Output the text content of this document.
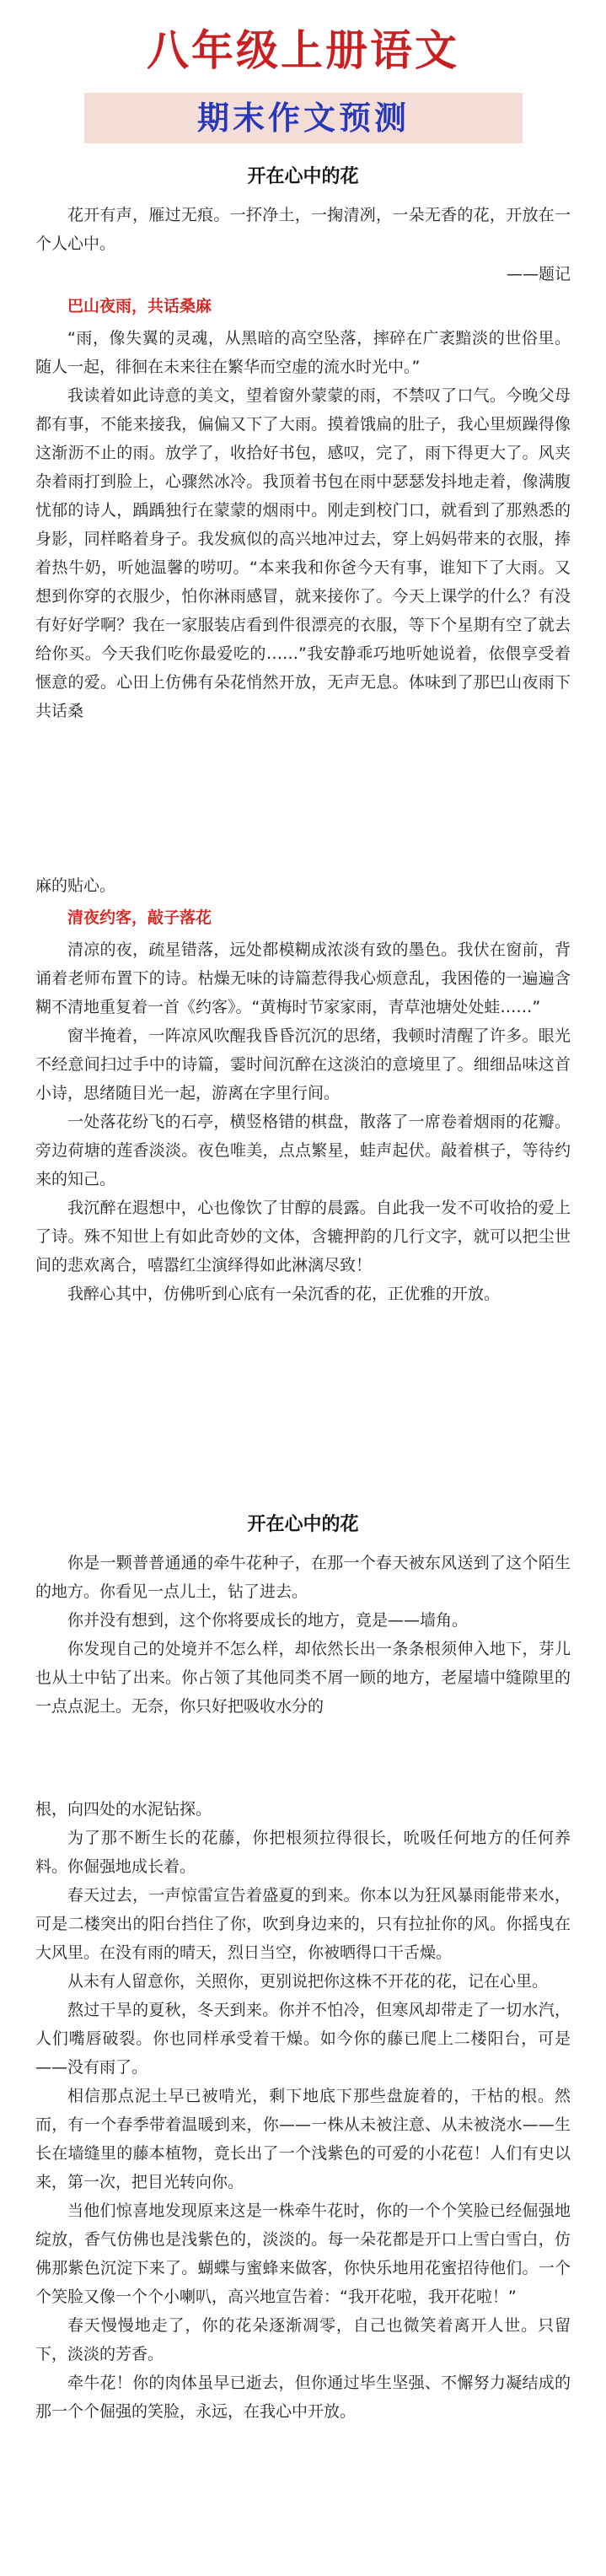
八年级上册语文
期末作文预测
开在心中的花

花开有声，雁过无痕。一抔净土，一掬清冽，一朵无香的花，开放在一个人心中。

——题记
巴山夜雨，共话桑麻

“雨，像失翼的灵魂，从黑暗的高空坠落，摔碎在广袤黯淡的世俗里。随人一起，徘徊在未来往在繁华而空虚的流水时光中。”

我读着如此诗意的美文，望着窗外蒙蒙的雨，不禁叹了口气。今晚父母都有事，不能来接我，偏偏又下了大雨。摸着饿扁的肚子，我心里烦躁得像这渐沥不止的雨。放学了，收拾好书包，感叹，完了，雨下得更大了。风夹杂着雨打到脸上，心骤然冰冷。我顶着书包在雨中瑟瑟发抖地走着，像满腹忧郁的诗人，踽踽独行在蒙蒙的烟雨中。刚走到校门口，就看到了那熟悉的身影，同样略着身子。我发疯似的高兴地冲过去，穿上妈妈带来的衣服，捧着热牛奶，听她温馨的唠叨。“本来我和你爸今天有事，谁知下了大雨。又想到你穿的衣服少，怕你淋雨感冒，就来接你了。今天上课学的什么？有没有好好学啊？我在一家服装店看到件很漂亮的衣服，等下个星期有空了就去给你买。今天我们吃你最爱吃的……”我安静乖巧地听她说着，依偎享受着惬意的爱。心田上仿佛有朵花悄然开放，无声无息。体味到了那巴山夜雨下共话桑

麻的贴心。

清夜约客，敲子落花

清凉的夜，疏星错落，远处都模糊成浓淡有致的墨色。我伏在窗前，背诵着老师布置下的诗。枯燥无味的诗篇惹得我心烦意乱，我困倦的一遍遍含糊不清地重复着一首《约客》。“黄梅时节家家雨，青草池塘处处蛙……”

窗半掩着，一阵凉风吹醒我昏昏沉沉的思绪，我顿时清醒了许多。眼光不经意间扫过手中的诗篇，霎时间沉醉在这淡泊的意境里了。细细品味这首小诗，思绪随目光一起，游离在字里行间。

一处落花纷飞的石亭，横竖格错的棋盘，散落了一席卷着烟雨的花瓣。旁边荷塘的莲香淡淡。夜色唯美，点点繁星，蛙声起伏。敲着棋子，等待约来的知己。

我沉醉在遐想中，心也像饮了甘醇的晨露。自此我一发不可收拾的爱上了诗。殊不知世上有如此奇妙的文体，含辘押韵的几行文字，就可以把尘世间的悲欢离合，嘻嚣红尘演绎得如此淋漓尽致！

我醉心其中，仿佛听到心底有一朵沉香的花，正优雅的开放。

开在心中的花

你是一颗普普通通的牵牛花种子，在那一个春天被东风送到了这个陌生的地方。你看见一点儿土，钻了进去。

你并没有想到，这个你将要成长的地方，竟是——墙角。

你发现自己的处境并不怎么样，却依然长出一条条根须伸入地下，芽儿也从土中钻了出来。你占领了其他同类不屑一顾的地方，老屋墙中缝隙里的一点点泥土。无奈，你只好把吸收水分的

根，向四处的水泥钻探。

为了那不断生长的花藤，你把根须拉得很长，吮吸任何地方的任何养料。你倔强地成长着。

春天过去，一声惊雷宣告着盛夏的到来。你本以为狂风暴雨能带来水，可是二楼突出的阳台挡住了你，吹到身边来的，只有拉扯你的风。你摇曳在大风里。在没有雨的晴天，烈日当空，你被晒得口干舌燥。

从未有人留意你，关照你，更别说把你这株不开花的花，记在心里。

熬过干旱的夏秋，冬天到来。你并不怕冷，但寒风却带走了一切水汽，人们嘴唇破裂。你也同样承受着干燥。如今你的藤已爬上二楼阳台，可是——没有雨了。

相信那点泥土早已被啃光，剩下地底下那些盘旋着的，干枯的根。然而，有一个春季带着温暖到来，你——一株从未被注意、从未被浇水——生长在墙缝里的藤本植物，竟长出了一个浅紫色的可爱的小花苞！人们有史以来，第一次，把目光转向你。

当他们惊喜地发现原来这是一株牵牛花时，你的一个个笑脸已经倔强地绽放，香气仿佛也是浅紫色的，淡淡的。每一朵花都是开口上雪白雪白，仿佛那紫色沉淀下来了。蝴蝶与蜜蜂来做客，你快乐地用花蜜招待他们。一个个笑脸又像一个个小喇叭，高兴地宣告着：“我开花啦，我开花啦！”

春天慢慢地走了，你的花朵逐渐凋零，自己也微笑着离开人世。只留下，淡淡的芳香。

牵牛花！你的肉体虽早已逝去，但你通过毕生坚强、不懈努力凝结成的那一个个倔强的笑脸，永远，在我心中开放。
